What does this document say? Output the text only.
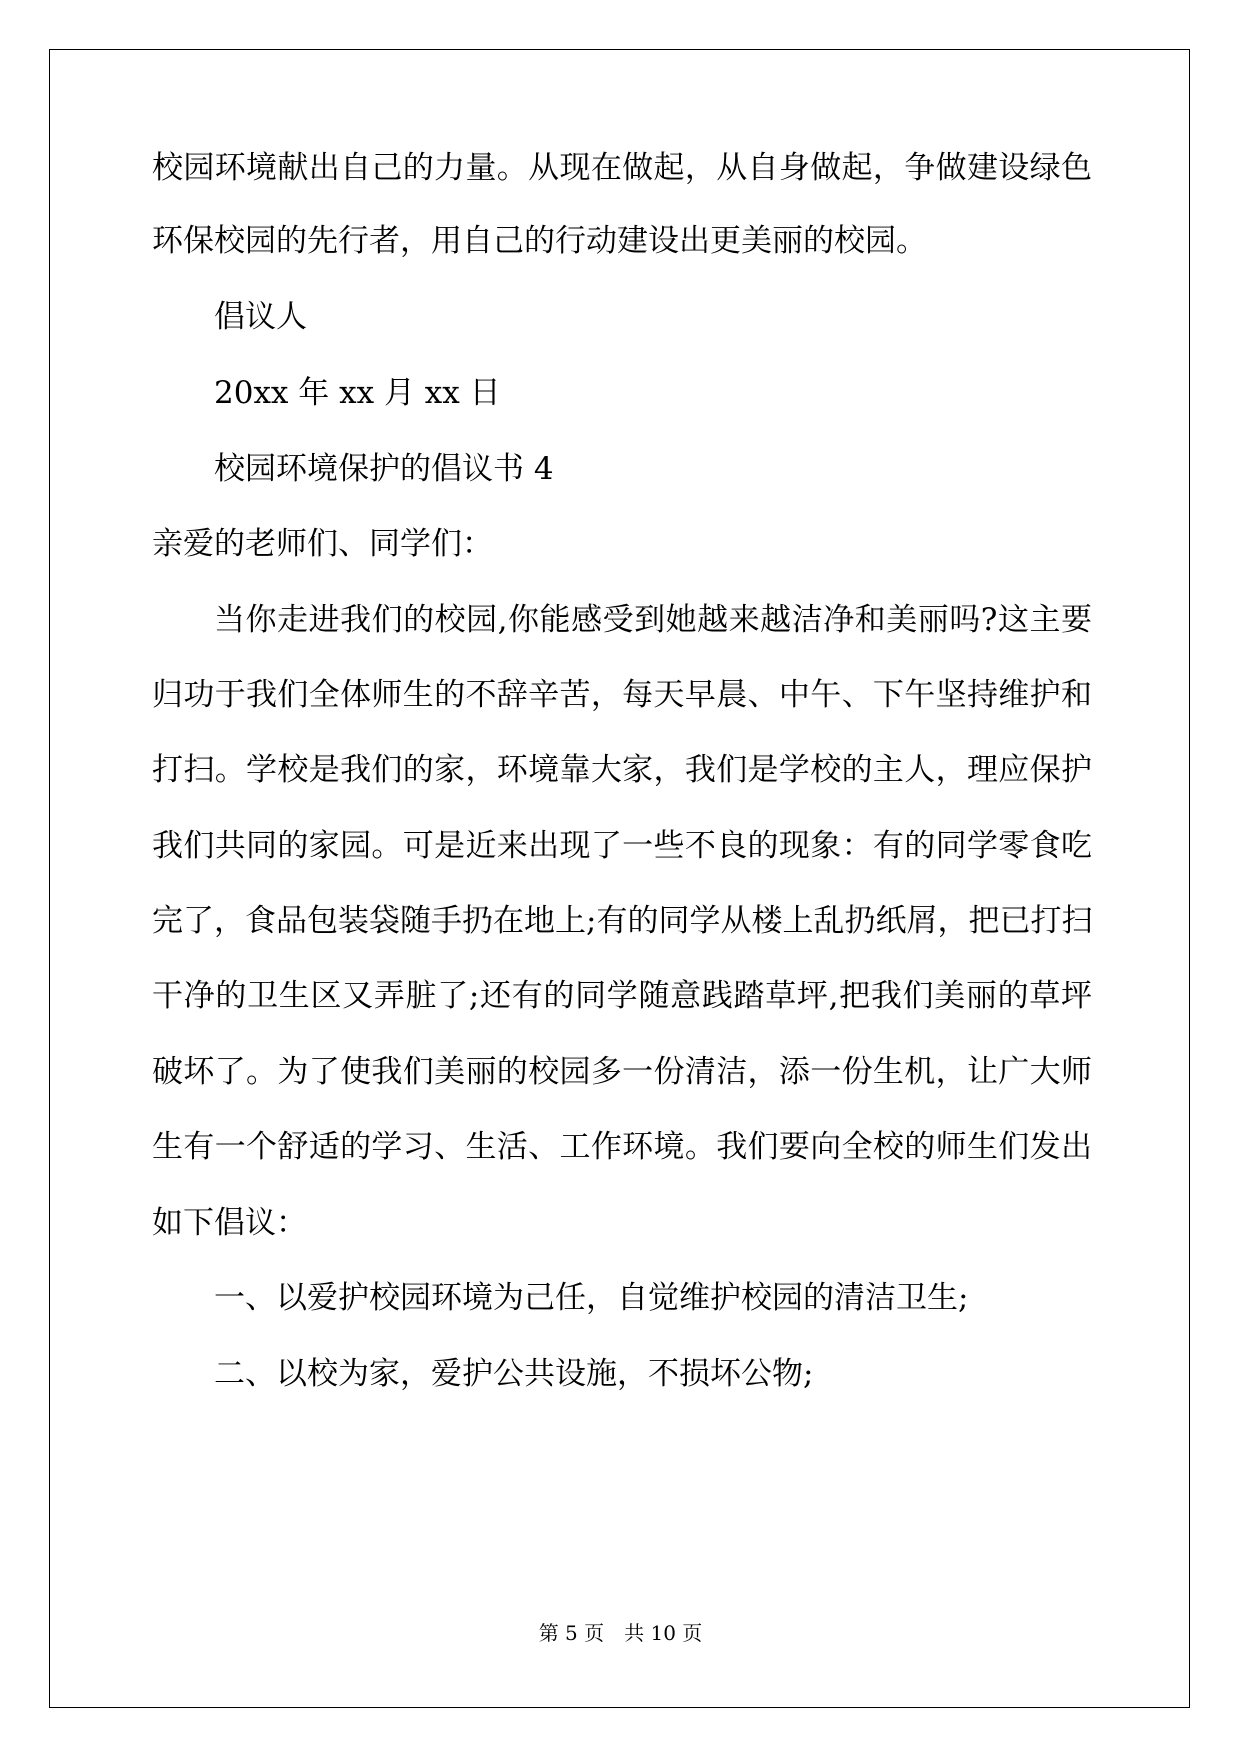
校园环境献出自己的力量。从现在做起，从自身做起，争做建设绿色
环保校园的先行者，用自己的行动建设出更美丽的校园。
倡议人
20xx 年 xx 月 xx 日
校园环境保护的倡议书 4
亲爱的老师们、同学们：
当你走进我们的校园,你能感受到她越来越洁净和美丽吗?这主要
归功于我们全体师生的不辞辛苦，每天早晨、中午、下午坚持维护和
打扫。学校是我们的家，环境靠大家，我们是学校的主人，理应保护
我们共同的家园。可是近来出现了一些不良的现象：有的同学零食吃
完了，食品包装袋随手扔在地上;有的同学从楼上乱扔纸屑，把已打扫
干净的卫生区又弄脏了;还有的同学随意践踏草坪,把我们美丽的草坪
破坏了。为了使我们美丽的校园多一份清洁，添一份生机，让广大师
生有一个舒适的学习、生活、工作环境。我们要向全校的师生们发出
如下倡议：
一、以爱护校园环境为己任，自觉维护校园的清洁卫生;
二、以校为家，爱护公共设施，不损坏公物;
第 5 页　共 10 页
